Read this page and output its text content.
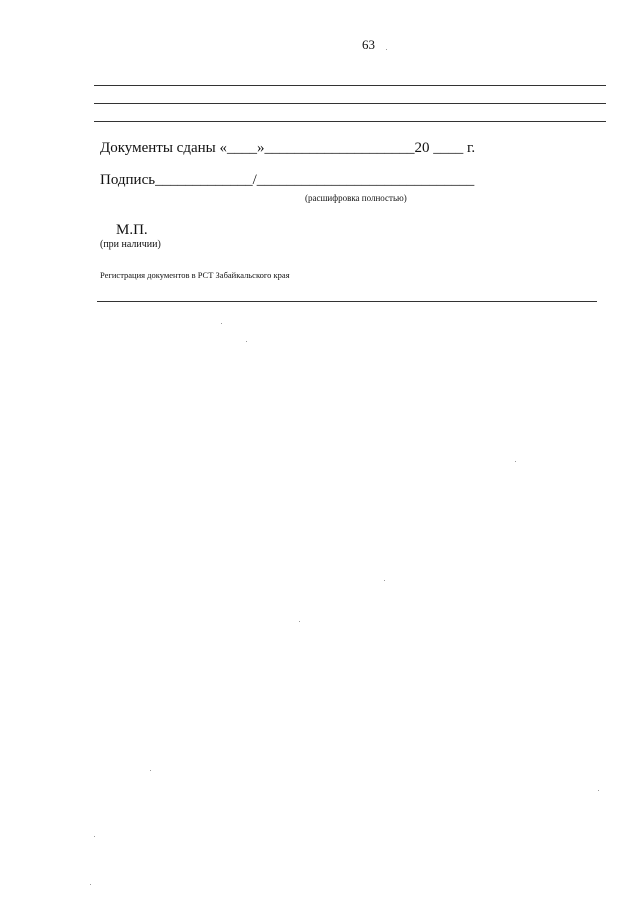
63
Документы сданы «____»____________________20 ____ г.
Подпись_____________/_____________________________
(расшифровка полностью)
М.П.
(при наличии)
Регистрация документов в РСТ Забайкальского края
